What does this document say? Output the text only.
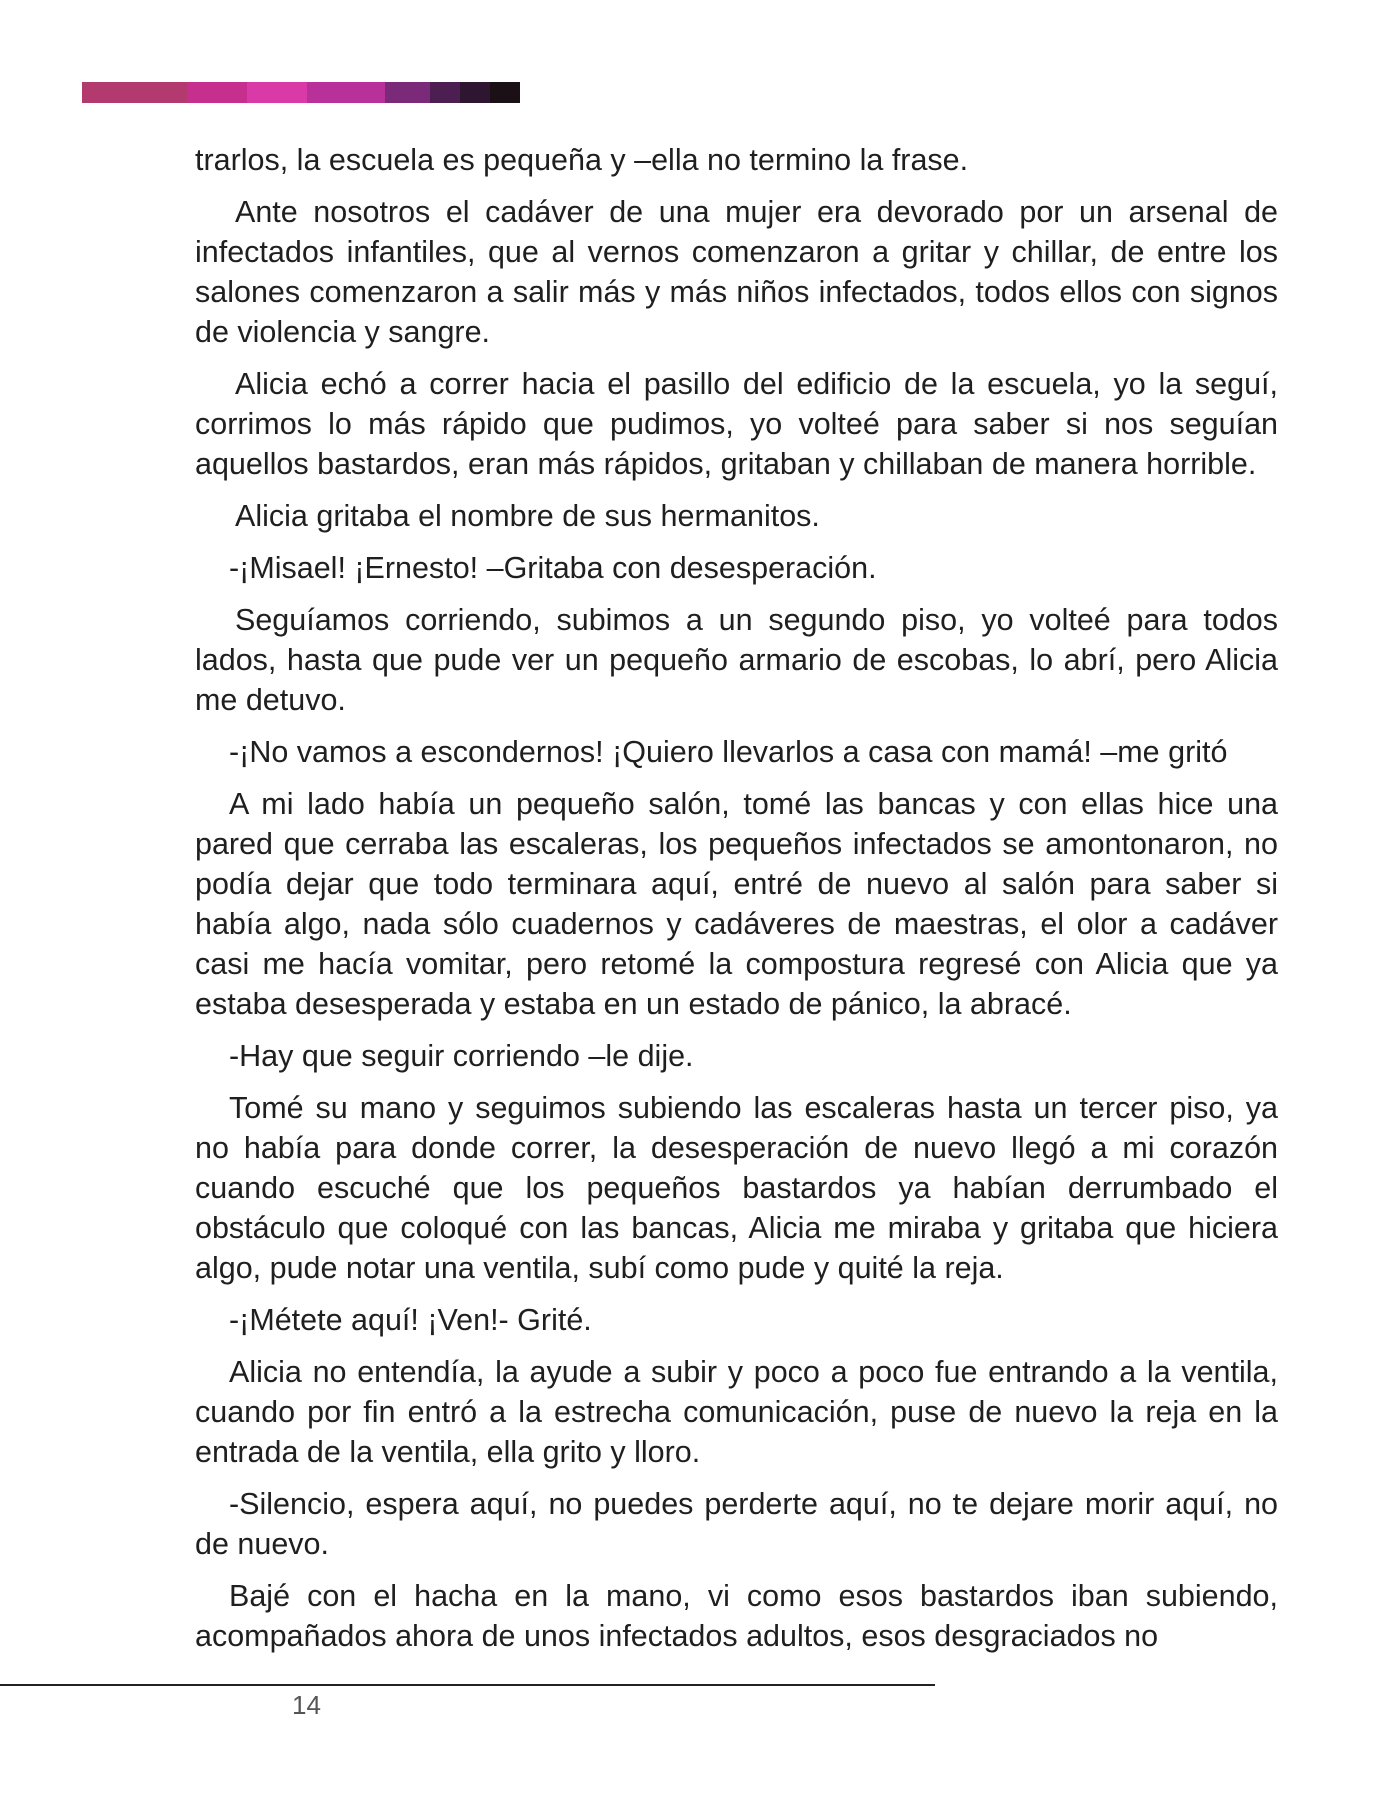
trarlos, la escuela es pequeña y –ella no termino la frase.

Ante nosotros el cadáver de una mujer era devorado por un arsenal de infectados infantiles, que al vernos comenzaron a gritar y chillar, de entre los salones comenzaron a salir más y más niños infectados, todos ellos con signos de violencia y sangre.

Alicia echó a correr hacia el pasillo del edificio de la escuela, yo la seguí, corrimos lo más rápido que pudimos, yo volteé para saber si nos seguían aquellos bastardos, eran más rápidos, gritaban y chillaban de manera horrible.

Alicia gritaba el nombre de sus hermanitos.

-¡Misael! ¡Ernesto! –Gritaba con desesperación.

Seguíamos corriendo, subimos a un segundo piso, yo volteé para todos lados, hasta que pude ver un pequeño armario de escobas, lo abrí, pero Alicia me detuvo.

-¡No vamos a escondernos! ¡Quiero llevarlos a casa con mamá! –me gritó

A mi lado había un pequeño salón, tomé las bancas y con ellas hice una pared que cerraba las escaleras, los pequeños infectados se amontonaron, no podía dejar que todo terminara aquí, entré de nuevo al salón para saber si había algo, nada sólo cuadernos y cadáveres de maestras, el olor a cadáver casi me hacía vomitar, pero retomé la compostura regresé con Alicia que ya estaba desesperada y estaba en un estado de pánico, la abracé.

-Hay que seguir corriendo –le dije.

Tomé su mano y seguimos subiendo las escaleras hasta un tercer piso, ya no había para donde correr, la desesperación de nuevo llegó a mi corazón cuando escuché que los pequeños bastardos ya habían derrumbado el obstáculo que coloqué con las bancas, Alicia me miraba y gritaba que hiciera algo, pude notar una ventila, subí como pude y quité la reja.

-¡Métete aquí! ¡Ven!- Grité.

Alicia no entendía, la ayude a subir y poco a poco fue entrando a la ventila, cuando por fin entró a la estrecha comunicación, puse de nuevo la reja en la entrada de la ventila, ella grito y lloro.

-Silencio, espera aquí, no puedes perderte aquí, no te dejare morir aquí, no de nuevo.

Bajé con el hacha en la mano, vi como esos bastardos iban subiendo, acompañados ahora de unos infectados adultos, esos desgraciados no

14
